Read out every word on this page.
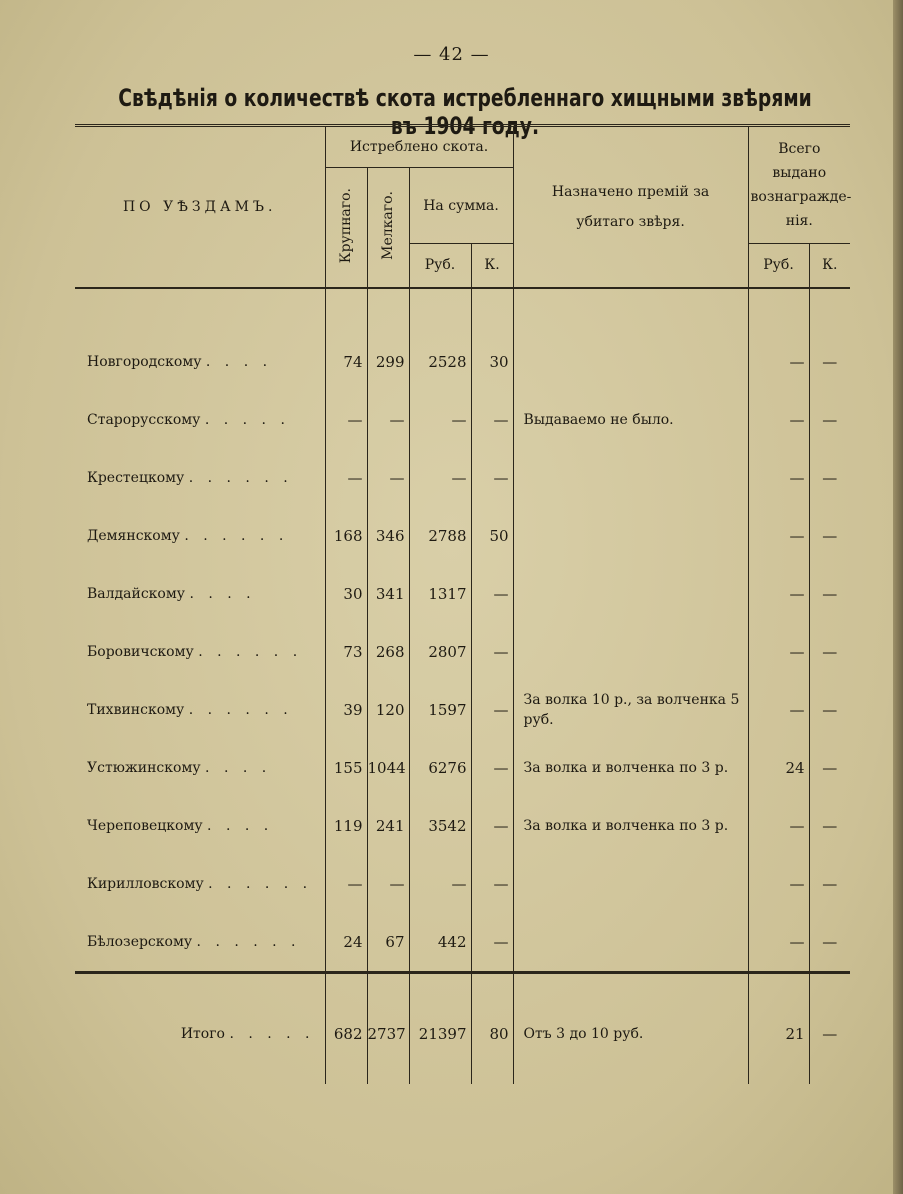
— 42 —
Свѣдѣнія о количествѣ скота истребленнаго хищными звѣрями въ 1904 году.
ПО УѢЗДАМЪ.	Истреблено скота.				Назначено премій за убитаго звѣря.	Всего выдано вознагражде-нія.	
	Крупнаго.	Мелкаго.	На сумма.				
			Руб.	К.		Руб.	К.

Новгородскому . . . .	74	299	2528	30		—	—
Старорусскому . . . . .	—	—	—	—	Выдаваемо не было.	—	—
Крестецкому . . . . . .	—	—	—	—		—	—
Демянскому . . . . . .	168	346	2788	50		—	—
Валдайскому . . . .	30	341	1317	—		—	—
Боровичскому . . . . . .	73	268	2807	—		—	—
Тихвинскому . . . . . .	39	120	1597	—	За волка 10 р., за волченка 5 руб.	—	—
Устюжинскому . . . .	155	1044	6276	—	За волка и волченка по 3 р.	24	—
Череповецкому . . . .	119	241	3542	—	За волка и волченка по 3 р.	—	—
Кирилловскому . . . . . .	—	—	—	—		—	—
Бѣлозерскому . . . . . .	24	67	442	—		—	—

Итого . . . . .	682	2737	21397	80	Отъ 3 до 10 руб.	21	—
